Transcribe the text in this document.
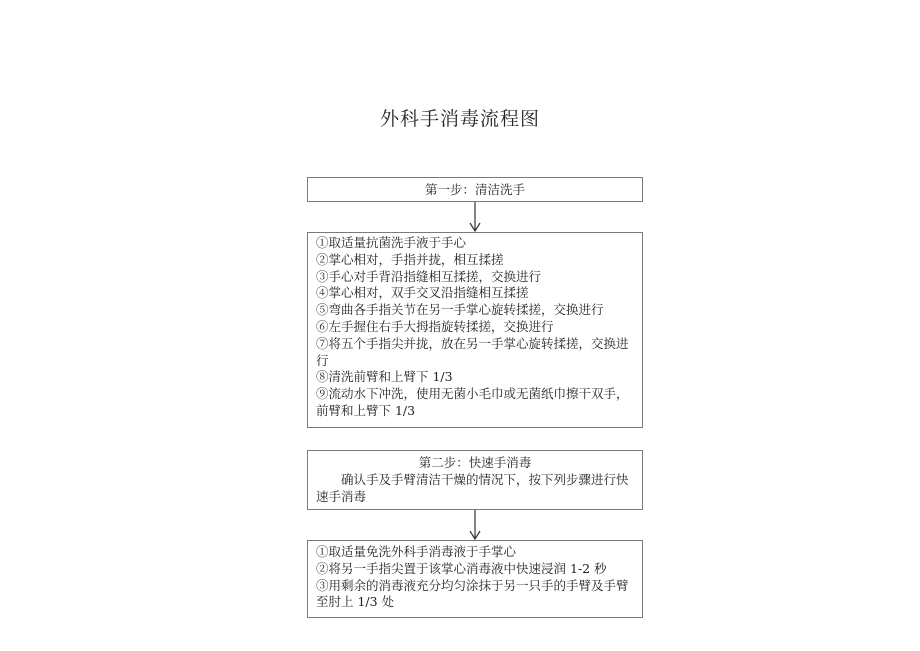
外科手消毒流程图
第一步：清洁洗手
①取适量抗菌洗手液于手心
②掌心相对，手指并拢，相互揉搓
③手心对手背沿指缝相互揉搓，交换进行
④掌心相对，双手交叉沿指缝相互揉搓
⑤弯曲各手指关节在另一手掌心旋转揉搓，交换进行
⑥左手握住右手大拇指旋转揉搓，交换进行
⑦将五个手指尖并拢，放在另一手掌心旋转揉搓，交换进行
⑧清洗前臂和上臂下 1/3
⑨流动水下冲洗，使用无菌小毛巾或无菌纸巾擦干双手，前臂和上臂下 1/3
第二步：快速手消毒
确认手及手臂清洁干燥的情况下，按下列步骤进行快速手消毒
①取适量免洗外科手消毒液于手掌心
②将另一手指尖置于该掌心消毒液中快速浸润 1-2 秒
③用剩余的消毒液充分均匀涂抹于另一只手的手臂及手臂至肘上 1/3 处
